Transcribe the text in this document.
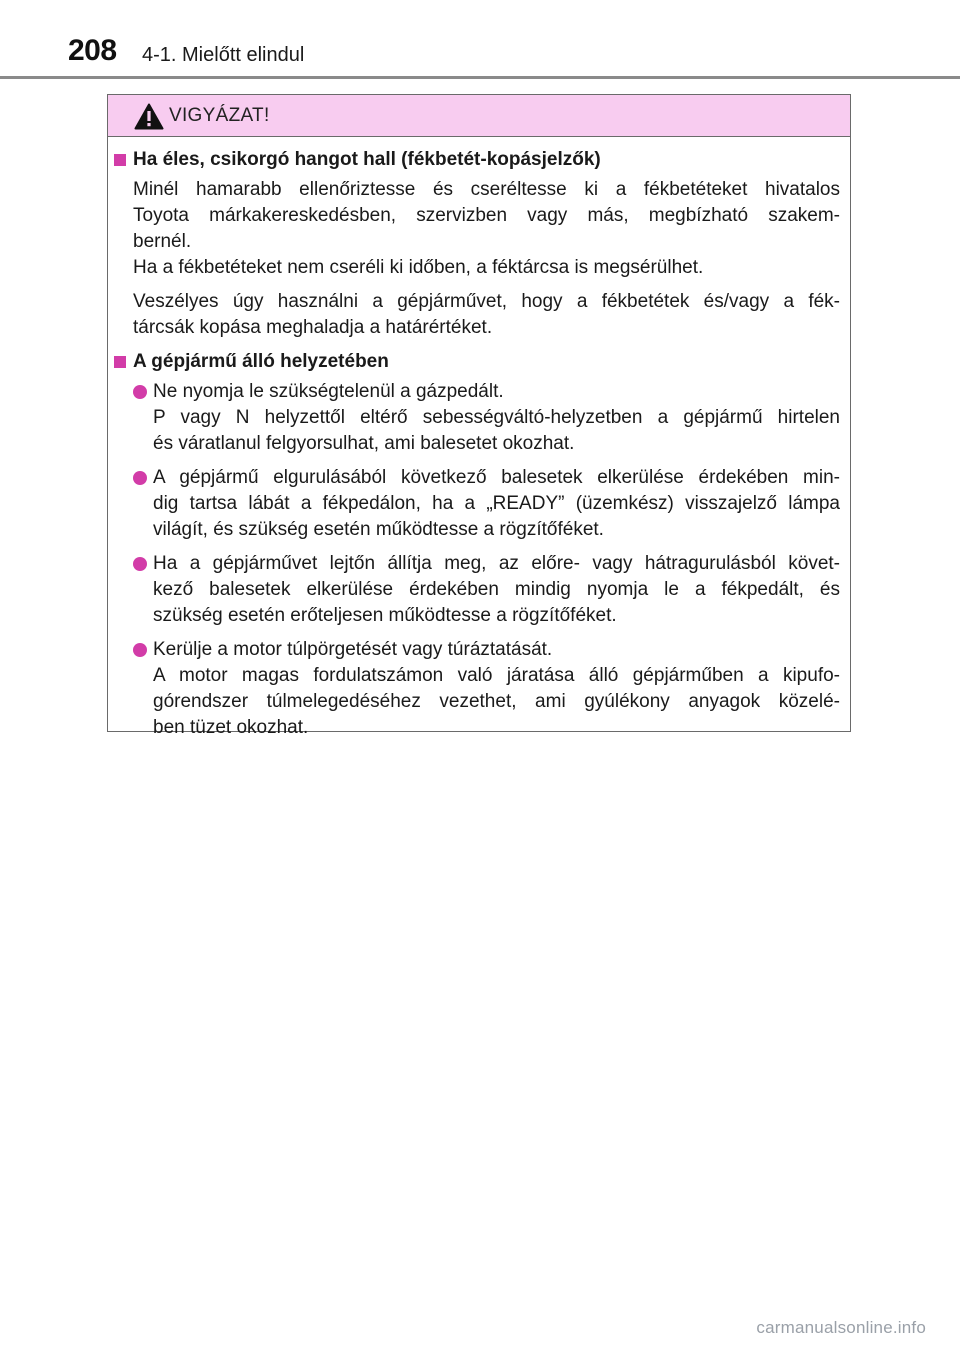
208 4-1. Mielőtt elindul
VIGYÁZAT!
Ha éles, csikorgó hangot hall (fékbetét-kopásjelzők)
Minél hamarabb ellenőriztesse és cseréltesse ki a fékbetéteket hivatalos
Toyota márkakereskedésben, szervizben vagy más, megbízható szakem-
bernél.
Ha a fékbetéteket nem cseréli ki időben, a féktárcsa is megsérülhet.
Veszélyes úgy használni a gépjárművet, hogy a fékbetétek és/vagy a fék-
tárcsák kopása meghaladja a határértéket.
A gépjármű álló helyzetében
Ne nyomja le szükségtelenül a gázpedált.
P vagy N helyzettől eltérő sebességváltó-helyzetben a gépjármű hirtelen
és váratlanul felgyorsulhat, ami balesetet okozhat.
A gépjármű elgurulásából következő balesetek elkerülése érdekében min-
dig tartsa lábát a fékpedálon, ha a „READY” (üzemkész) visszajelző lámpa
világít, és szükség esetén működtesse a rögzítőféket.
Ha a gépjárművet lejtőn állítja meg, az előre- vagy hátragurulásból követ-
kező balesetek elkerülése érdekében mindig nyomja le a fékpedált, és
szükség esetén erőteljesen működtesse a rögzítőféket.
Kerülje a motor túlpörgetését vagy túráztatását.
A motor magas fordulatszámon való járatása álló gépjárműben a kipufo-
górendszer túlmelegedéséhez vezethet, ami gyúlékony anyagok közelé-
ben tüzet okozhat.
carmanualsonline.info
